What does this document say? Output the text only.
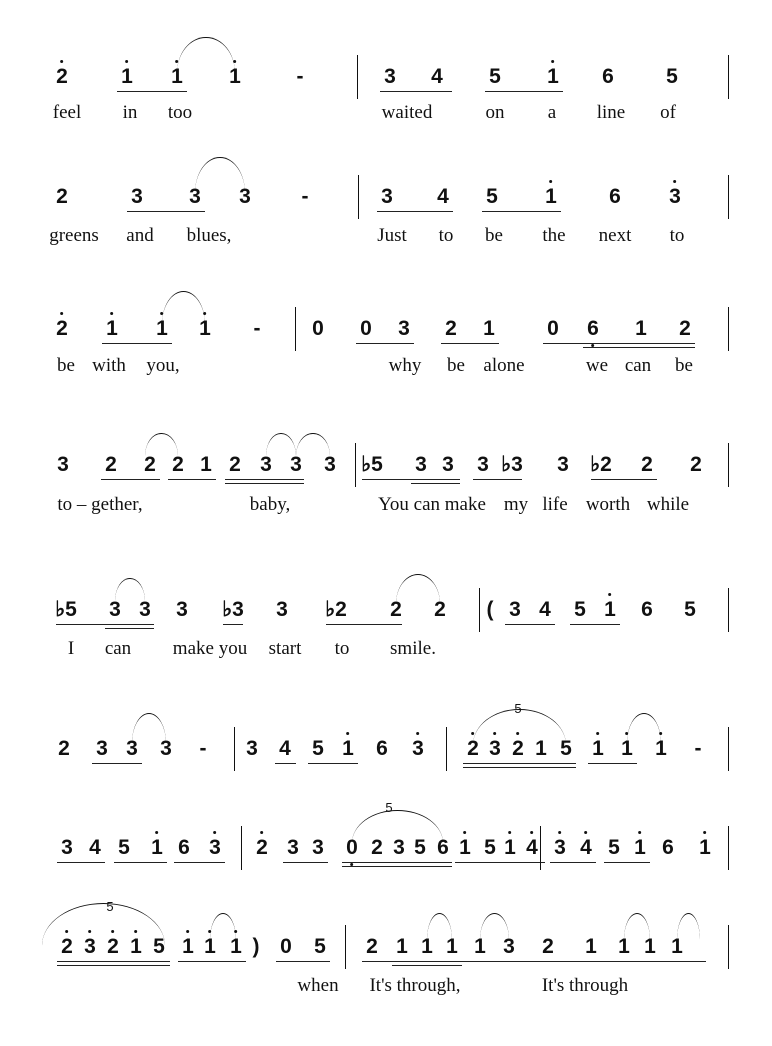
2	1 1 1	-	3 4 5 1 6 5
feel in too	waited	on a line of
2	3 3 3 -	3 4 5 1 6 3
greens and blues,	Just to be the next to
2 1 1 1 - 0 0 3 2 1 0 6 1 2
be with you,	why be alone	we can be
3 2 2 2 1 2 3 3 3 ♭5 3 3 3 ♭3 3 ♭2 2 2
to – gether,	baby,	You can make my life worth while
♭5 3 3 3 ♭3 3 ♭2 2 2 ( 3 4 5 1 6 5
I can make you start to smile.
2 3 3 3 - 3 4 5 1 6 3 2 3 2 1 5 1 1 1 -
5
3 4 5 1 6 3 2 3 3 0 2 3 5 6 1 5 1 4 3 4 5 1 6 1
5
2 3 2 1 5 1 1 1 ) 0 5 2 1 1 1 1 3 2 1 1 1 1
5
when It's through,	It's through
